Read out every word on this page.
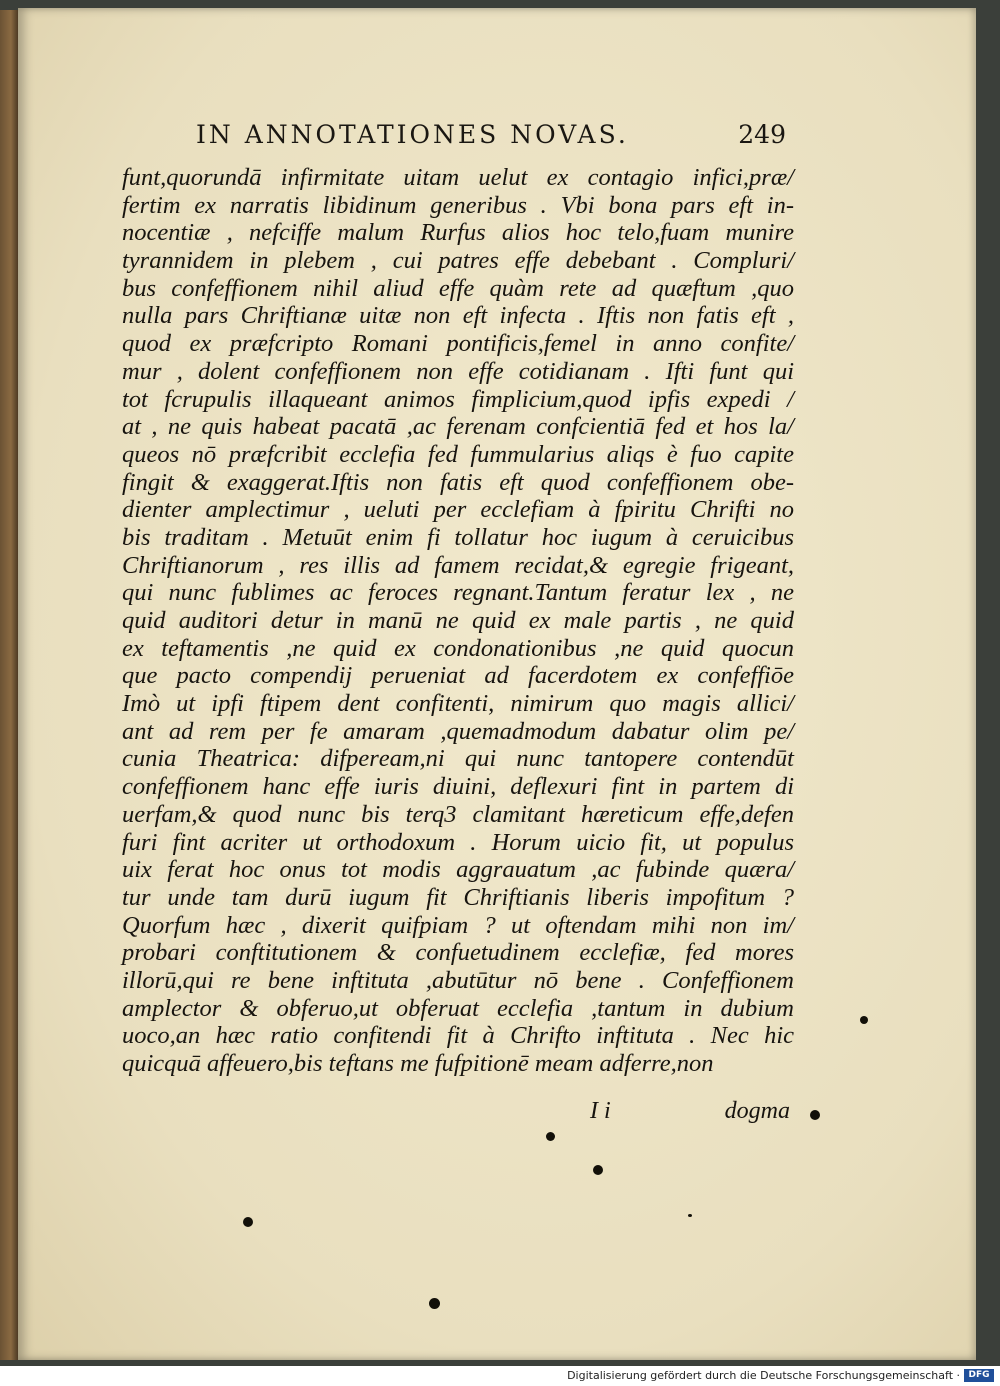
IN ANNOTATIONES NOVAS.	249
funt,quorundā infirmitate uitam uelut ex contagio infici,præ/
fertim ex narratis libidinum generibus . Vbi bona pars eft in-
nocentiæ , nefciffe malum Rurfus alios hoc telo,fuam munire
tyrannidem in plebem , cui patres effe debebant . Compluri/
bus confeffionem nihil aliud effe quàm rete ad quæftum ,quo
nulla pars Chriftianæ uitæ non eft infecta . Iftis non fatis eft ,
quod ex præfcripto Romani pontificis,femel in anno confite/
mur , dolent confeffionem non effe cotidianam . Ifti funt qui
tot fcrupulis illaqueant animos fimplicium,quod ipfis expedi /
at , ne quis habeat pacatā ,ac ferenam confcientiā fed et hos la/
queos nō præfcribit ecclefia fed fummularius aliqs è fuo capite
fingit & exaggerat.Iftis non fatis eft quod confeffionem obe-
dienter amplectimur , ueluti per ecclefiam à fpiritu Chrifti no
bis traditam . Metuūt enim fi tollatur hoc iugum à ceruicibus
Chriftianorum , res illis ad famem recidat,& egregie frigeant,
qui nunc fublimes ac feroces regnant.Tantum feratur lex , ne
quid auditori detur in manū ne quid ex male partis , ne quid
ex teftamentis ,ne quid ex condonationibus ,ne quid quocun
que pacto compendij perueniat ad facerdotem ex confeffiōe
Imò ut ipfi ftipem dent confitenti, nimirum quo magis allici/
ant ad rem per fe amaram ,quemadmodum dabatur olim pe/
cunia Theatrica: difperеam,ni qui nunc tantopere contendūt
confeffionem hanc effe iuris diuini, deflexuri fint in partem di
uerfam,& quod nunc bis terq3 clamitant hæreticum effe,defen
furi fint acriter ut orthodoxum . Horum uicio fit, ut populus
uix ferat hoc onus tot modis aggrauatum ,ac fubinde quæra/
tur unde tam durū iugum fit Chriftianis liberis impofitum ?
Quorfum hæc , dixerit quifpiam ? ut oftendam mihi non im/
probari conftitutionem & confuetudinem ecclefiæ, fed mores
illorū,qui re bene inftituta ,abutūtur nō bene . Confeffionem
amplector & obferuo,ut obferuat ecclefia ,tantum in dubium
uoco,an hæc ratio confitendi fit à Chrifto inftituta . Nec hic
quicquā affeuero,bis teftans me fufpitionē meam adferre,non
I i	dogma
Digitalisierung gefördert durch die Deutsche Forschungsgemeinschaft · DFG
